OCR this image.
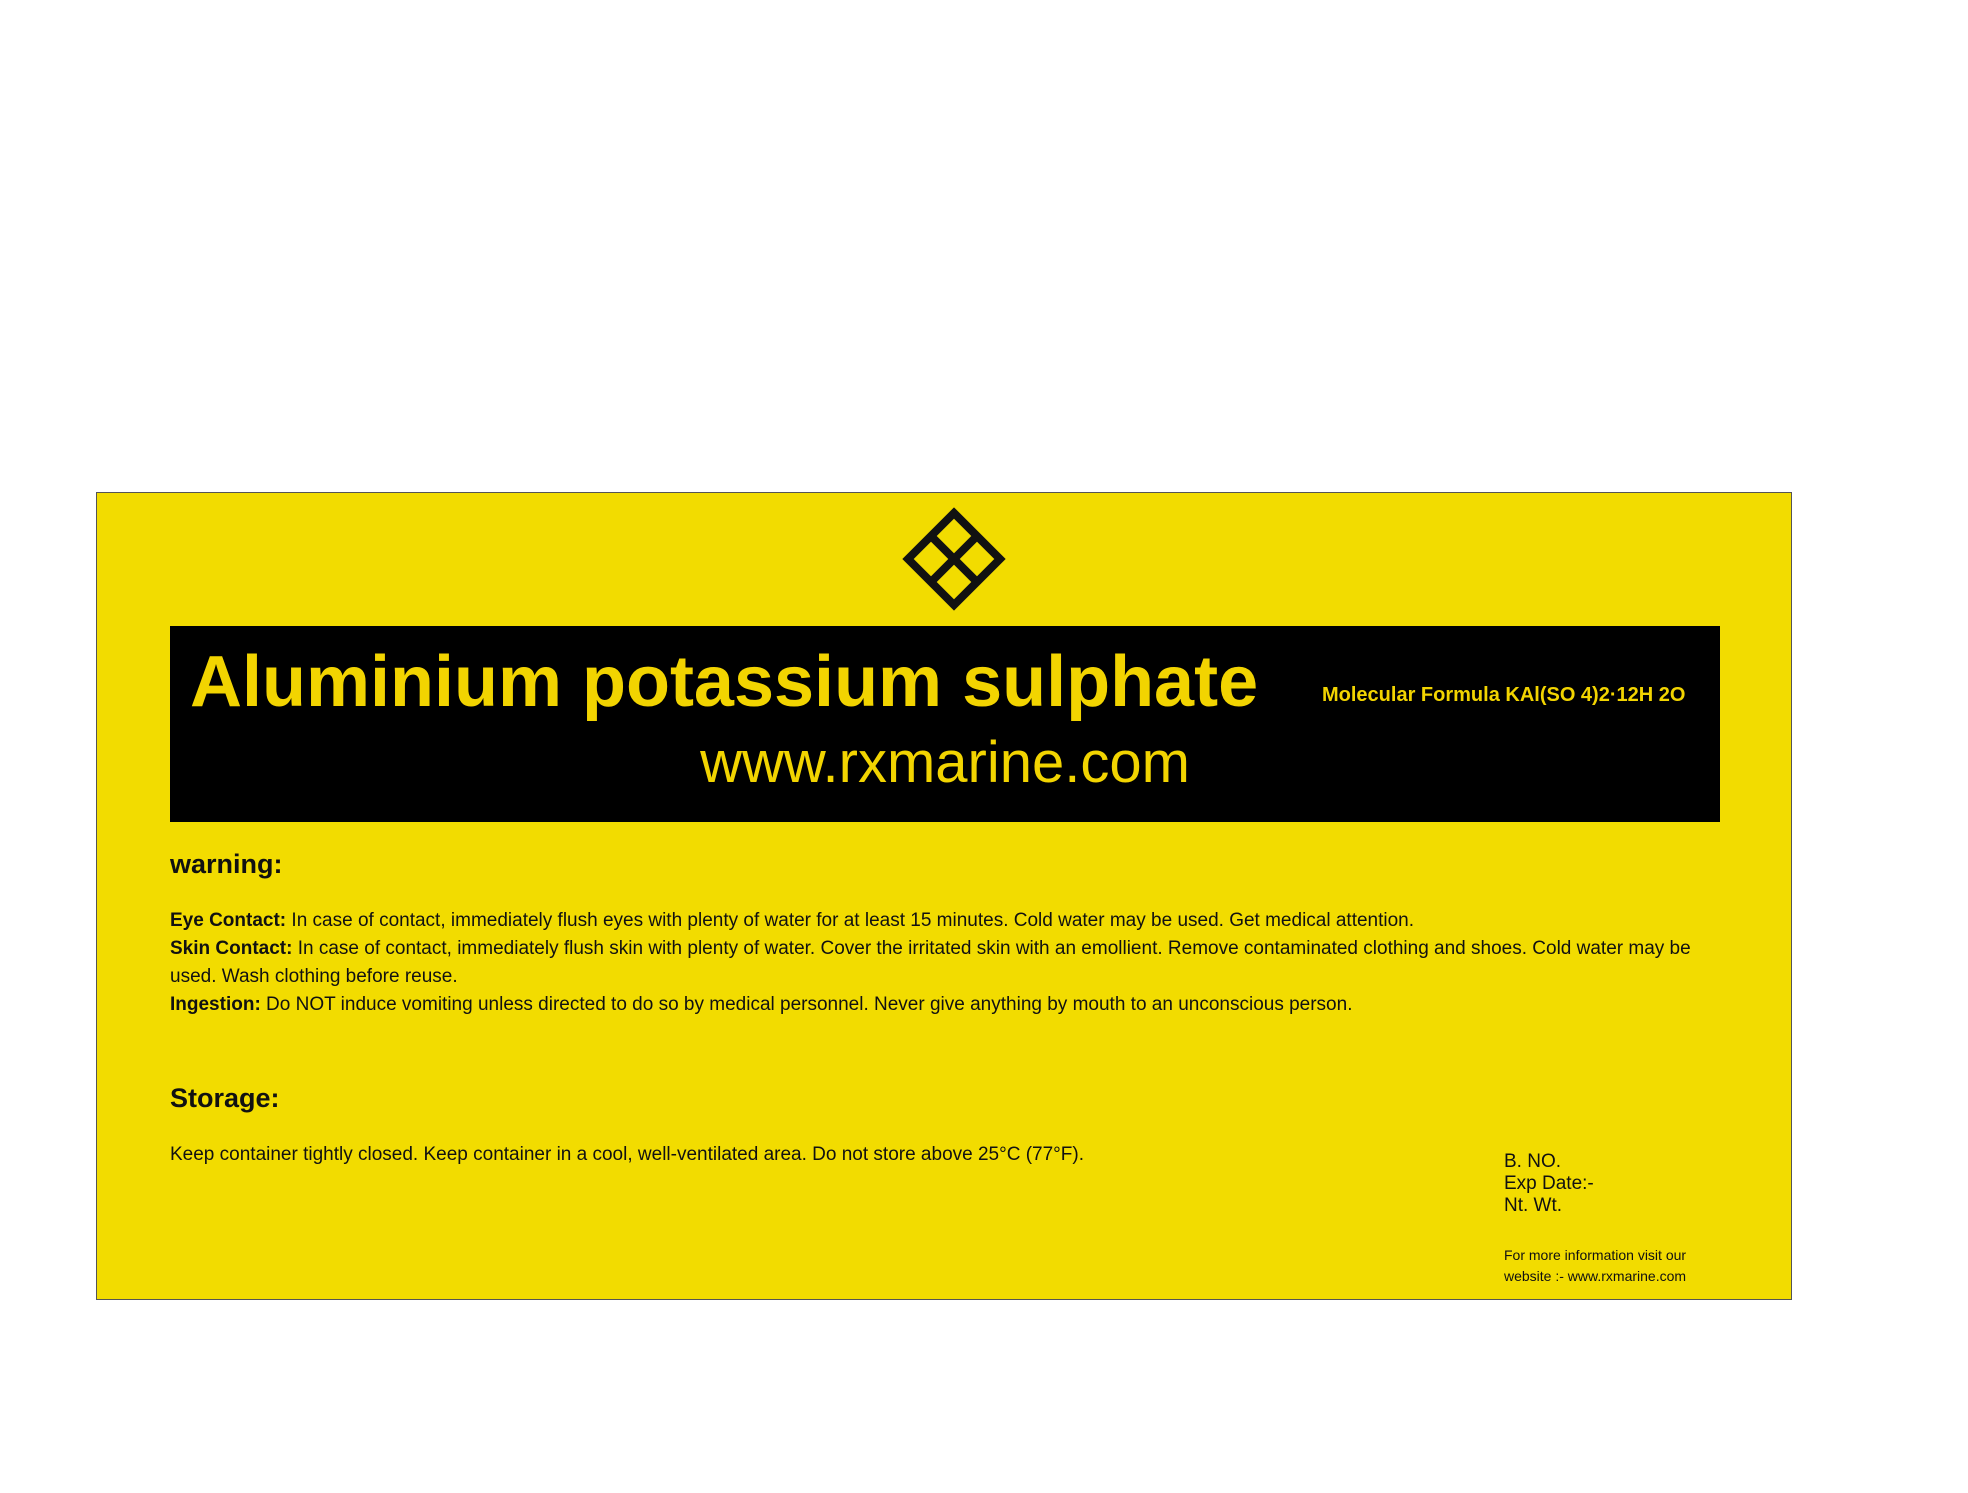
Aluminium potassium sulphate	Molecular Formula KAl(SO 4)2·12H 2O
www.rxmarine.com
warning:

Eye Contact: In case of contact, immediately flush eyes with plenty of water for at least 15 minutes. Cold water may be used. Get medical attention.

Skin Contact: In case of contact, immediately flush skin with plenty of water. Cover the irritated skin with an emollient. Remove contaminated clothing and shoes. Cold water may be used. Wash clothing before reuse.

Ingestion: Do NOT induce vomiting unless directed to do so by medical personnel. Never give anything by mouth to an unconscious person.

Storage:
Keep container tightly closed. Keep container in a cool, well-ventilated area. Do not store above 25°C (77°F).	B. NO.
Exp Date:-
Nt. Wt.
For more information visit our
website :- www.rxmarine.com
